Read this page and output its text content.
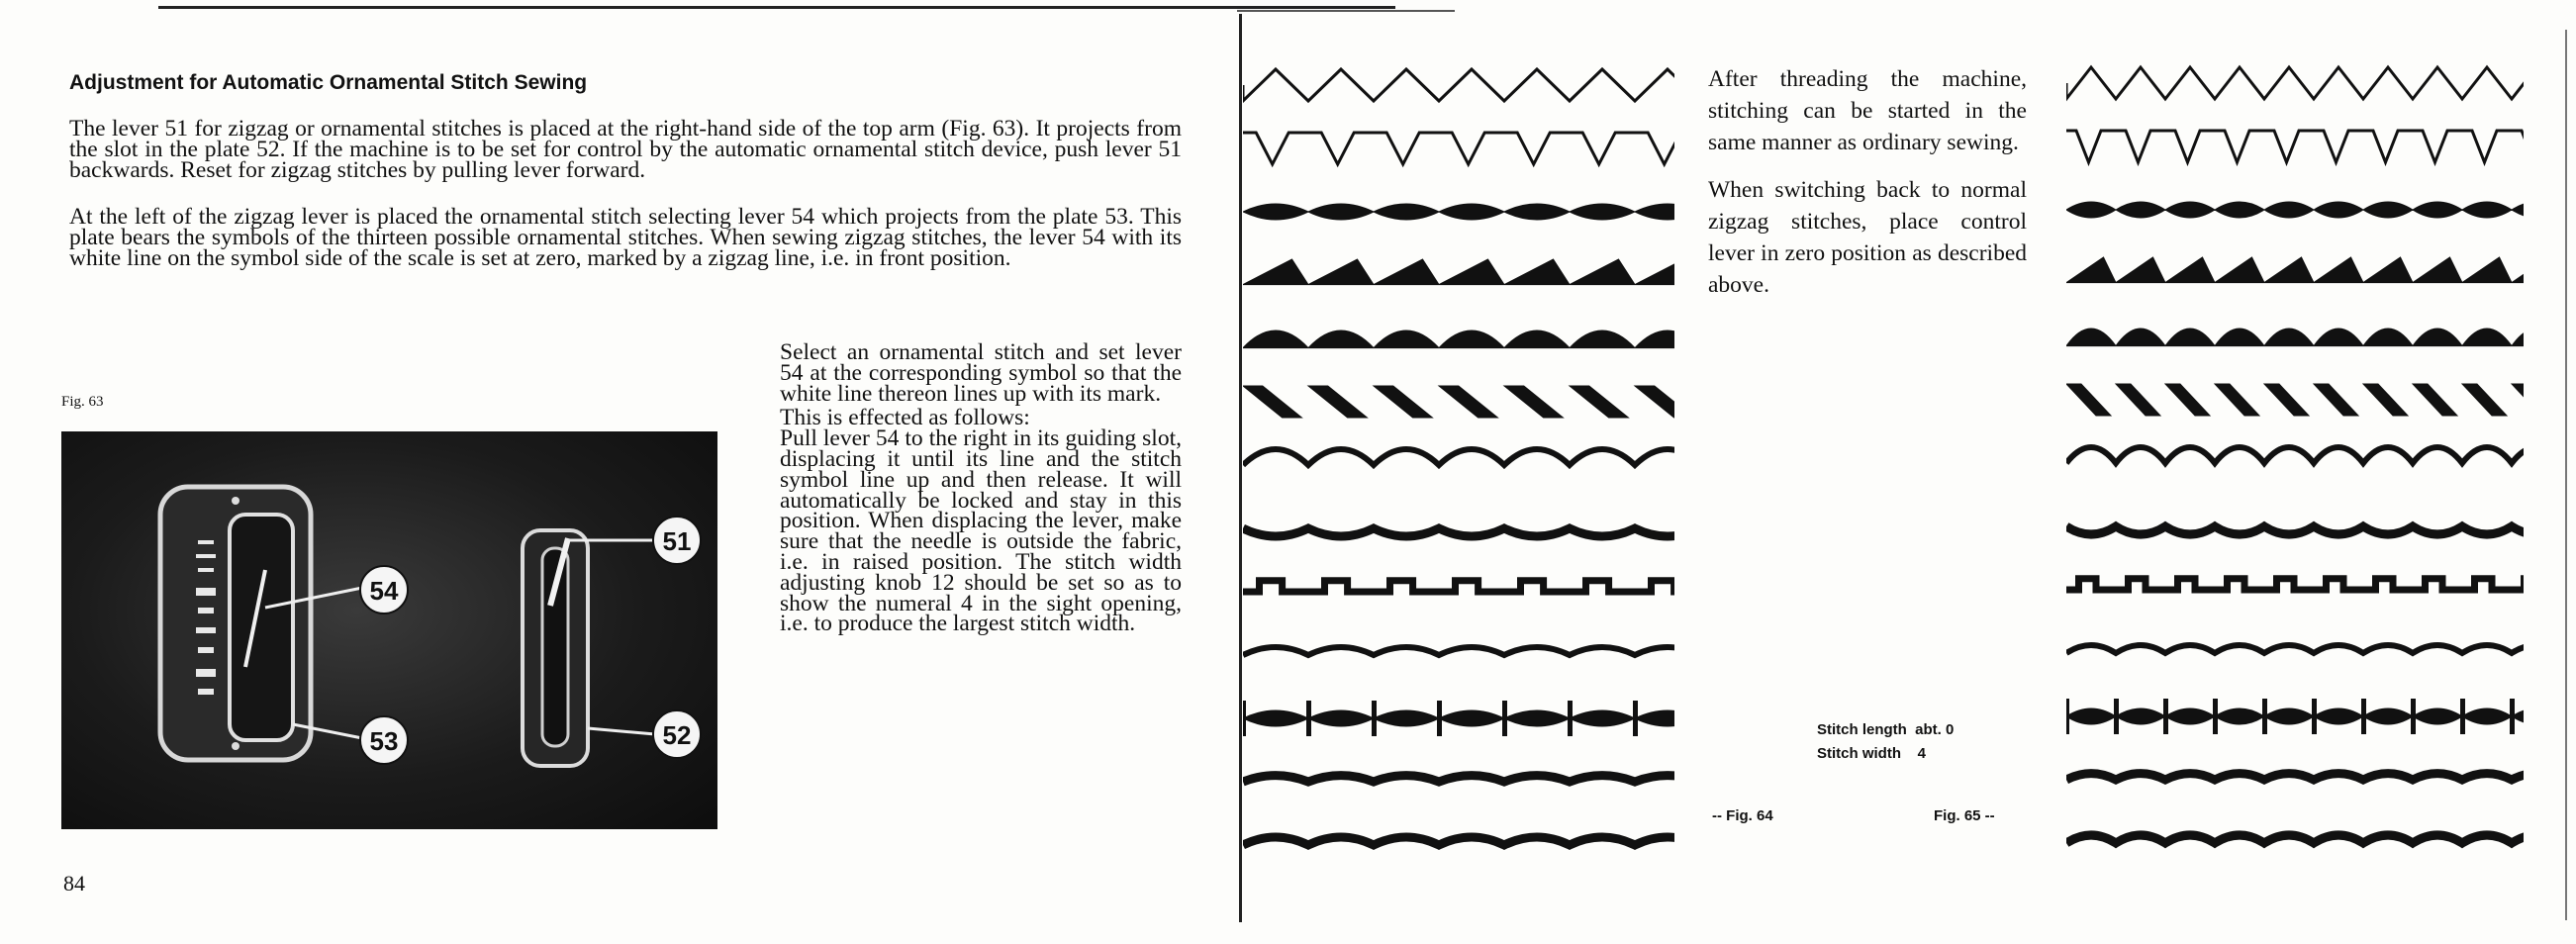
Adjustment for Automatic Ornamental Stitch Sewing

The lever 51 for zigzag or ornamental stitches is placed at the right-hand side of the top arm (Fig. 63). It projects from the slot in the plate 52. If the machine is to be set for control by the automatic ornamental stitch device, push lever 51 backwards. Reset for zigzag stitches by pulling lever forward.

At the left of the zigzag lever is placed the ornamental stitch selecting lever 54 which projects from the plate 53. This plate bears the symbols of the thirteen possible ornamental stitches. When sewing zigzag stitches, the lever 54 with its white line on the symbol side of the scale is set at zero, marked by a zigzag line, i.e. in front position.

Select an ornamental stitch and set lever 54 at the corresponding symbol so that the white line thereon lines up with its mark.

This is effected as follows:

Pull lever 54 to the right in its guiding slot, displacing it until its line and the stitch symbol line up and then release. It will automatically be locked and stay in this position. When displacing the lever, make sure that the needle is outside the fabric, i.e. in raised position. The stitch width adjusting knob 12 should be set so as to show the numeral 4 in the sight opening, i.e. to produce the largest stitch width.

Fig. 63
54
53
51
52
84

After threading the machine, stitching can be started in the same manner as ordinary sewing.

When switching back to normal zigzag stitches, place control lever in zero position as described above.

Stitch length abt. 0
Stitch width 4
-- Fig. 64	Fig. 65 --
